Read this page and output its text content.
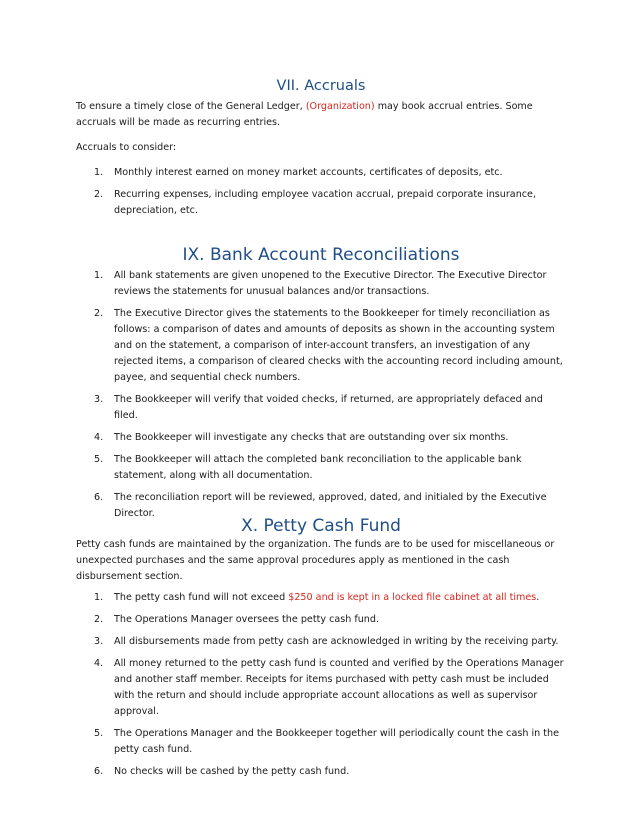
VII. Accruals

To ensure a timely close of the General Ledger, (Organization) may book accrual entries. Some accruals will be made as recurring entries.

Accruals to consider:

1. Monthly interest earned on money market accounts, certificates of deposits, etc.
2. Recurring expenses, including employee vacation accrual, prepaid corporate insurance, depreciation, etc.
IX. Bank Account Reconciliations
1. All bank statements are given unopened to the Executive Director. The Executive Director reviews the statements for unusual balances and/or transactions.
2. The Executive Director gives the statements to the Bookkeeper for timely reconciliation as follows: a comparison of dates and amounts of deposits as shown in the accounting system and on the statement, a comparison of inter-account transfers, an investigation of any rejected items, a comparison of cleared checks with the accounting record including amount, payee, and sequential check numbers.
3. The Bookkeeper will verify that voided checks, if returned, are appropriately defaced and filed.
4. The Bookkeeper will investigate any checks that are outstanding over six months.
5. The Bookkeeper will attach the completed bank reconciliation to the applicable bank statement, along with all documentation.
6. The reconciliation report will be reviewed, approved, dated, and initialed by the Executive Director.
X. Petty Cash Fund

Petty cash funds are maintained by the organization. The funds are to be used for miscellaneous or unexpected purchases and the same approval procedures apply as mentioned in the cash disbursement section.

1. The petty cash fund will not exceed $250 and is kept in a locked file cabinet at all times.
2. The Operations Manager oversees the petty cash fund.
3. All disbursements made from petty cash are acknowledged in writing by the receiving party.
4. All money returned to the petty cash fund is counted and verified by the Operations Manager and another staff member. Receipts for items purchased with petty cash must be included with the return and should include appropriate account allocations as well as supervisor approval.
5. The Operations Manager and the Bookkeeper together will periodically count the cash in the petty cash fund.
6. No checks will be cashed by the petty cash fund.
